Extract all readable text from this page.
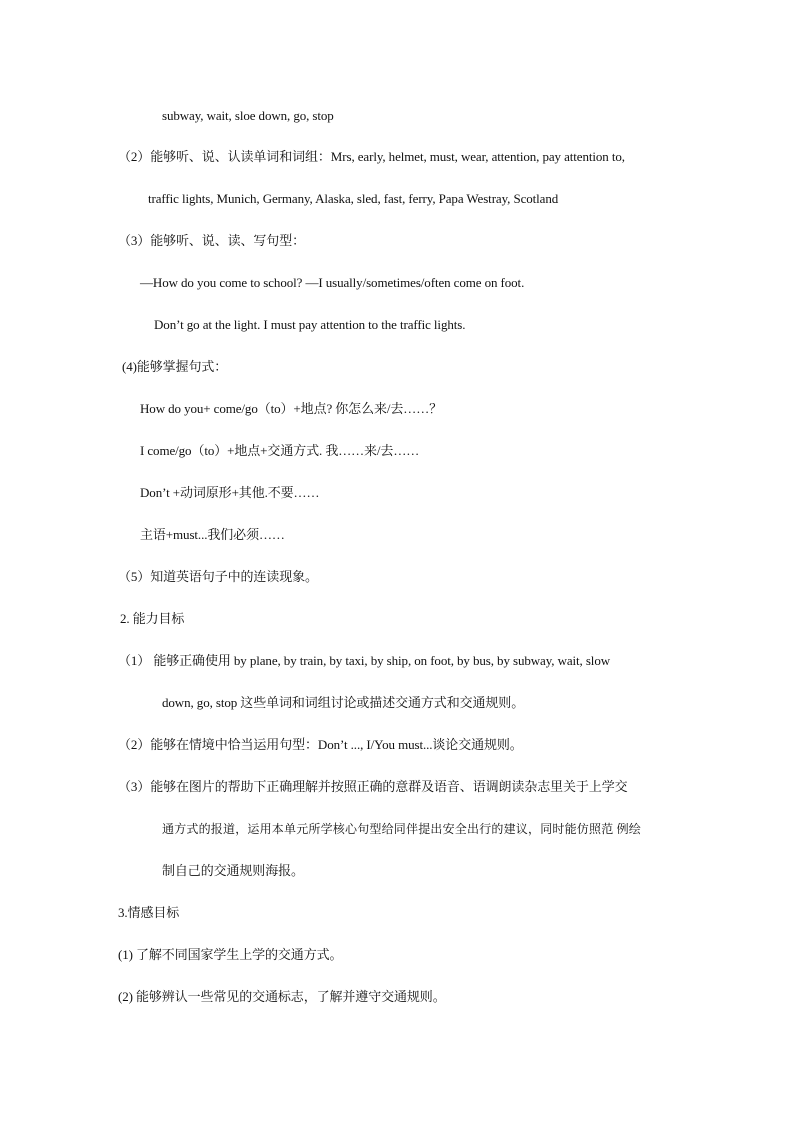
subway, wait, sloe down, go, stop
（2）能够听、说、认读单词和词组：Mrs, early, helmet, must, wear, attention, pay attention to,
traffic lights, Munich, Germany, Alaska, sled, fast, ferry, Papa Westray, Scotland
（3）能够听、说、读、写句型：
—How do you come to school? —I usually/sometimes/often come on foot.
Don’t go at the light. I must pay attention to the traffic lights.
(4)能够掌握句式：
How do you+ come/go（to）+地点? 你怎么来/去……？
I come/go（to）+地点+交通方式. 我……来/去……
Don’t +动词原形+其他.不要……
主语+must...我们必须……
（5）知道英语句子中的连读现象。
2. 能力目标
（1） 能够正确使用 by plane, by train, by taxi, by ship, on foot, by bus, by subway, wait, slow
down, go, stop 这些单词和词组讨论或描述交通方式和交通规则。
（2）能够在情境中恰当运用句型：Don’t ..., I/You must...谈论交通规则。
（3）能够在图片的帮助下正确理解并按照正确的意群及语音、语调朗读杂志里关于上学交
通方式的报道，运用本单元所学核心句型给同伴提出安全出行的建议，同时能仿照范 例绘
制自己的交通规则海报。
3.情感目标
(1) 了解不同国家学生上学的交通方式。
(2) 能够辨认一些常见的交通标志，了解并遵守交通规则。
